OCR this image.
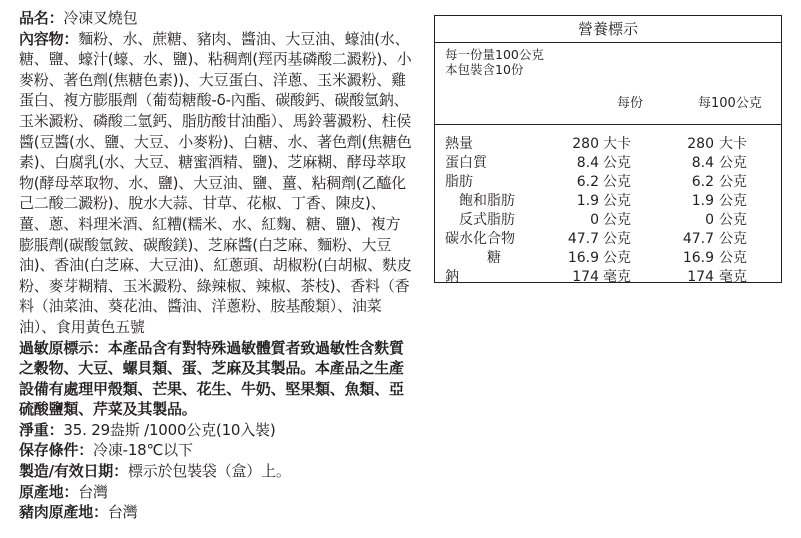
品名：冷凍叉燒包

內容物：麵粉、水、蔗糖、豬肉、醬油、大豆油、蠔油(水、糖、鹽、蠔汁(蠔、水、鹽)、粘稠劑(羥丙基磷酸二澱粉)、小麥粉、著色劑(焦糖色素))、大豆蛋白、洋蔥、玉米澱粉、雞蛋白、複方膨脹劑（葡萄糖酸-δ-內酯、碳酸鈣、碳酸氫鈉、玉米澱粉、磷酸二氫鈣、脂肪酸甘油酯）、馬鈴薯澱粉、柱侯醬(豆醬(水、鹽、大豆、小麥粉)、白糖、水、著色劑(焦糖色素)、白腐乳(水、大豆、糖蜜酒精、鹽)、芝麻糊、酵母萃取物(酵母萃取物、水、鹽)、大豆油、鹽、薑、粘稠劑(乙醯化己二酸二澱粉)、脫水大蒜、甘草、花椒、丁香、陳皮)、薑、蔥、料理米酒、紅糟(糯米、水、紅麴、糖、鹽)、複方膨脹劑(碳酸氫銨、碳酸鎂)、芝麻醬(白芝麻、麵粉、大豆油)、香油(白芝麻、大豆油)、紅蔥頭、胡椒粉(白胡椒、麩皮粉、麥芽糊精、玉米澱粉、綠辣椒、辣椒、茶枝)、香料（香料（油菜油、葵花油、醬油、洋蔥粉、胺基酸類）、油菜油）、食用黃色五號

過敏原標示：本產品含有對特殊過敏體質者致過敏性含麩質之穀物、大豆、螺貝類、蛋、芝麻及其製品。本產品之生產設備有處理甲殼類、芒果、花生、牛奶、堅果類、魚類、亞硫酸鹽類、芹菜及其製品。

淨重：35. 29盎斯 /1000公克(10入裝)

保存條件：冷凍-18℃以下

製造/有效日期：標示於包裝袋（盒）上。

原產地：台灣

豬肉原產地：台灣

營養標示
每一份量100公克
本包裝含10份
每份	每100公克
熱量	280 大卡	280 大卡
蛋白質	8.4 公克	8.4 公克
脂肪	6.2 公克	6.2 公克
飽和脂肪	1.9 公克	1.9 公克
反式脂肪	0 公克	0 公克
碳水化合物	47.7 公克	47.7 公克
糖	16.9 公克	16.9 公克
鈉	174 毫克	174 毫克
